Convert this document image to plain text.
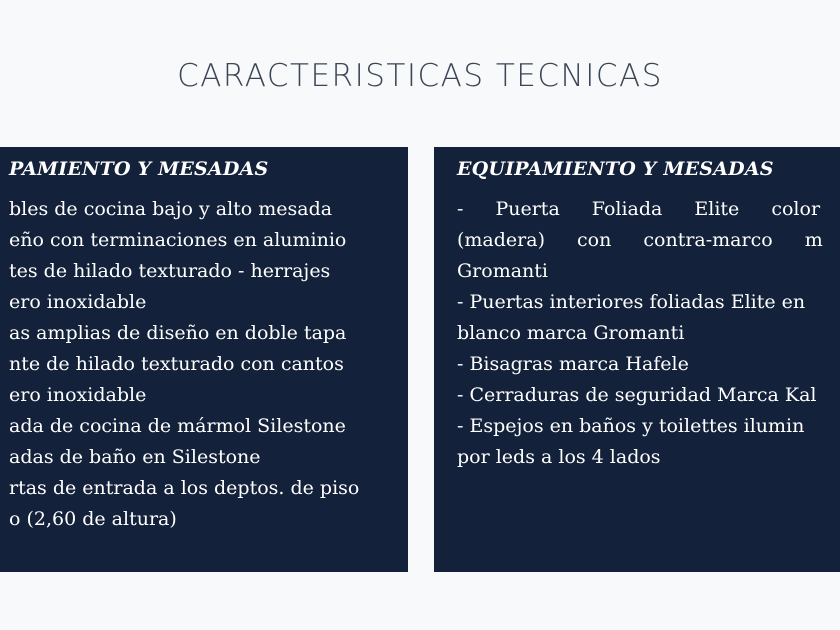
CARACTERISTICAS TECNICAS
PAMIENTO Y MESADAS
bles de cocina bajo y alto mesada
eño con terminaciones en aluminio
tes de hilado texturado - herrajes
ero inoxidable
as amplias de diseño en doble tapa
nte de hilado texturado con cantos
ero inoxidable
ada de cocina de mármol Silestone
adas de baño en Silestone
rtas de entrada a los deptos. de piso
o (2,60 de altura)
EQUIPAMIENTO Y MESADAS
- Puerta Foliada Elite color
(madera) con contra-marco m
Gromanti
- Puertas interiores foliadas Elite en
blanco marca Gromanti
- Bisagras marca Hafele
- Cerraduras de seguridad Marca Kal
- Espejos en baños y toilettes ilumin
por leds a los 4 lados
